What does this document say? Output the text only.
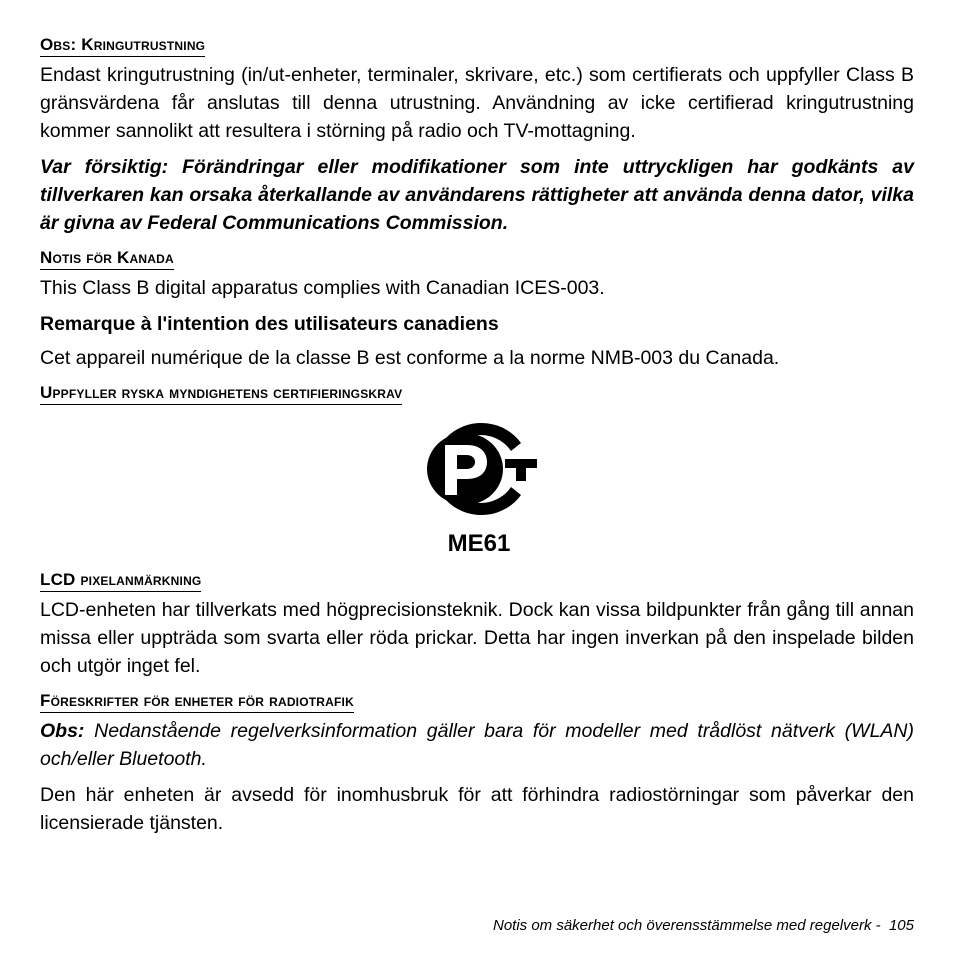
Obs: Kringutrustning

Endast kringutrustning (in/ut-enheter, terminaler, skrivare, etc.) som certifierats och uppfyller Class B gränsvärdena får anslutas till denna utrustning. Användning av icke certifierad kringutrustning kommer sannolikt att resultera i störning på radio och TV-mottagning.

Var försiktig: Förändringar eller modifikationer som inte uttryckligen har godkänts av tillverkaren kan orsaka återkallande av användarens rättigheter att använda denna dator, vilka är givna av Federal Communications Commission.

Notis för Kanada

This Class B digital apparatus complies with Canadian ICES-003.

Remarque à l'intention des utilisateurs canadiens

Cet appareil numérique de la classe B est conforme a la norme NMB-003 du Canada.

Uppfyller ryska myndighetens certifieringskrav
ME61
LCD pixelanmärkning

LCD-enheten har tillverkats med högprecisionsteknik. Dock kan vissa bildpunkter från gång till annan missa eller uppträda som svarta eller röda prickar. Detta har ingen inverkan på den inspelade bilden och utgör inget fel.

Föreskrifter för enheter för radiotrafik

Obs: Nedanstående regelverksinformation gäller bara för modeller med trådlöst nätverk (WLAN) och/eller Bluetooth.

Den här enheten är avsedd för inomhusbruk för att förhindra radiostörningar som påverkar den licensierade tjänsten.

Notis om säkerhet och överensstämmelse med regelverk -  105
